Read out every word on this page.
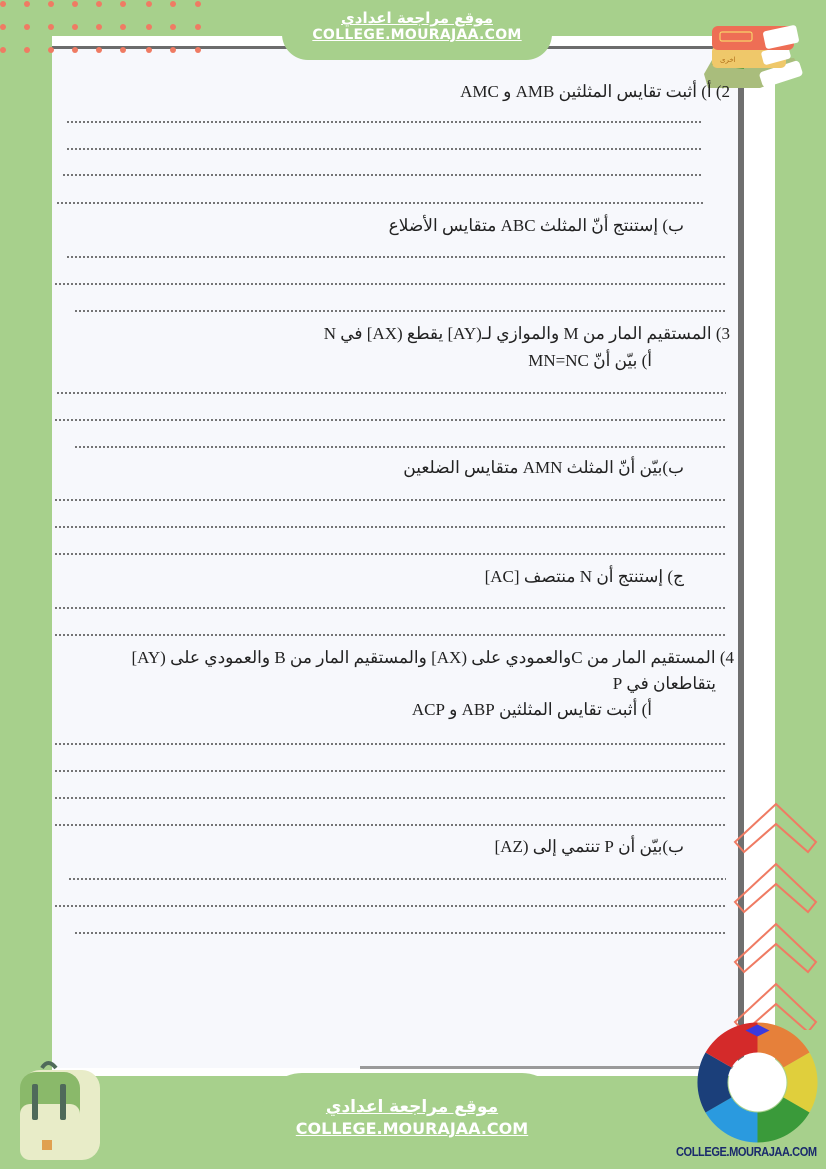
موقع مراجعة اعدادي
COLLEGE.MOURAJAA.COM
اخرى
2) أ) أثبت تقايس المثلثين AMB و AMC
ب) إستنتج أنّ المثلث ABC متقايس الأضلاع
3) المستقيم المار من M والموازي لـ(AY] يقطع (AX] في N
أ) بيّن أنّ MN=NC
ب)بيّن أنّ المثلث AMN متقايس الضلعين
ج) إستنتج أن N منتصف [AC]
4) المستقيم المار من Cوالعمودي على (AX] والمستقيم المار من B والعمودي على (AY]
يتقاطعان في P
أ) أثبت تقايس المثلثين ABP و ACP
ب)بيّن أن P تنتمي إلى (AZ]
COLLEGE.MOURAJAA.COM
موقع مراجعة اعدادي
COLLEGE.MOURAJAA.COM
